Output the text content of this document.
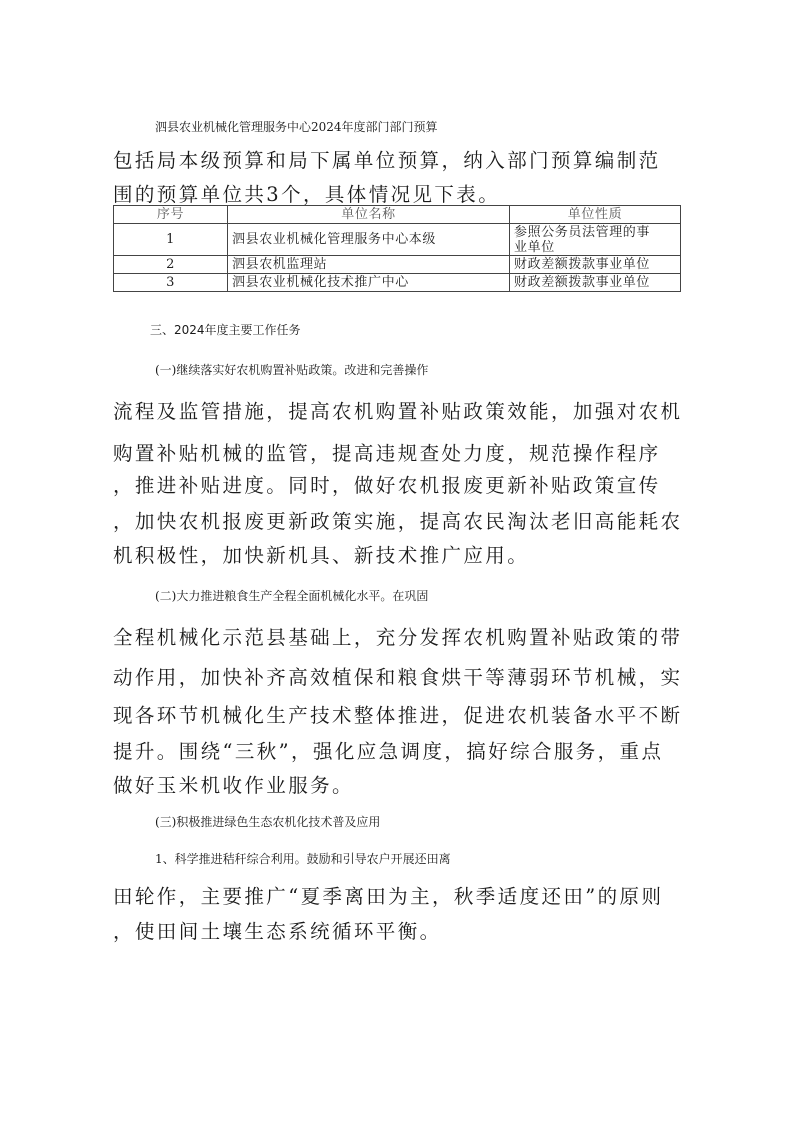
泗县农业机械化管理服务中心2024年度部门部门预算
包括局本级预算和局下属单位预算，纳入部门预算编制范
围的预算单位共3个，具体情况见下表。
序号	单位名称	单位性质
1	泗县农业机械化管理服务中心本级	参照公务员法管理的事
业单位

2	泗县农机监理站	财政差额拨款事业单位
3	泗县农业机械化技术推广中心	财政差额拨款事业单位
三、2024年度主要工作任务
(一)继续落实好农机购置补贴政策。改进和完善操作
流程及监管措施，提高农机购置补贴政策效能，加强对农机
购置补贴机械的监管，提高违规查处力度，规范操作程序
，推进补贴进度。同时，做好农机报废更新补贴政策宣传
，加快农机报废更新政策实施，提高农民淘汰老旧高能耗农
机积极性，加快新机具、新技术推广应用。
(二)大力推进粮食生产全程全面机械化水平。在巩固
全程机械化示范县基础上，充分发挥农机购置补贴政策的带
动作用，加快补齐高效植保和粮食烘干等薄弱环节机械，实
现各环节机械化生产技术整体推进，促进农机装备水平不断
提升。围绕“三秋”，强化应急调度，搞好综合服务，重点
做好玉米机收作业服务。
(三)积极推进绿色生态农机化技术普及应用
1、科学推进秸秆综合利用。鼓励和引导农户开展还田离
田轮作，主要推广“夏季离田为主，秋季适度还田”的原则
，使田间土壤生态系统循环平衡。
